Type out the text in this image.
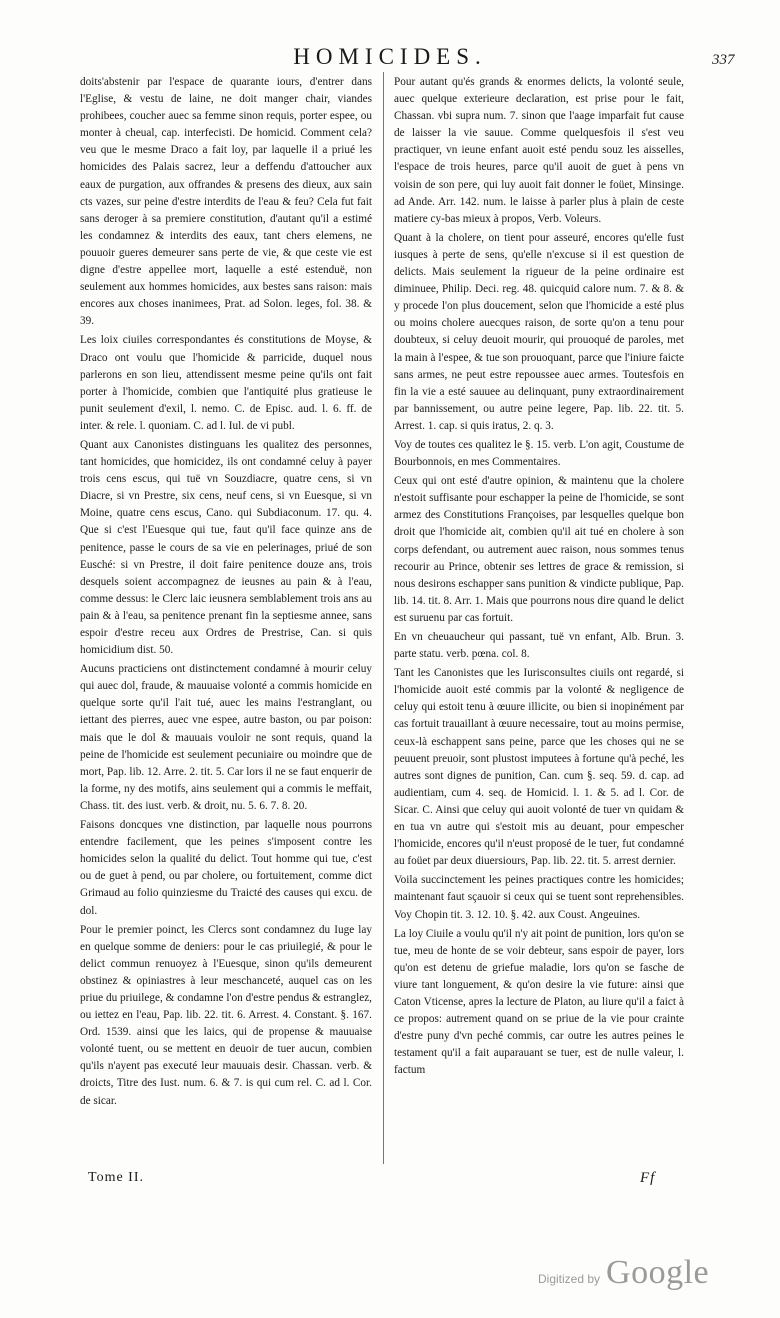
HOMICIDES.	337

doits'abstenir par l'espace de quarante iours, d'entrer dans l'Eglise, & vestu de laine, ne doit manger chair, viandes prohibees, coucher auec sa femme sinon requis, porter espee, ou monter à cheual, cap. interfecisti. De homicid. Comment cela? veu que le mesme Draco a fait loy, par laquelle il a priué les homicides des Palais sacrez, leur a deffendu d'attoucher aux eaux de purgation, aux offrandes & presens des dieux, aux sain cts vazes, sur peine d'estre interdits de l'eau & feu? Cela fut fait sans deroger à sa premiere constitution, d'autant qu'il a estimé les condamnez & interdits des eaux, tant chers elemens, ne pouuoir gueres demeurer sans perte de vie, & que ceste vie est digne d'estre appellee mort, laquelle a esté estenduë, non seulement aux hommes homicides, aux bestes sans raison: mais encores aux choses inanimees, Prat. ad Solon. leges, fol. 38. & 39.

Les loix ciuiles correspondantes és constitutions de Moyse, & Draco ont voulu que l'homicide & parricide, duquel nous parlerons en son lieu, attendissent mesme peine qu'ils ont fait porter à l'homicide, combien que l'antiquité plus gratieuse le punit seulement d'exil, l. nemo. C. de Episc. aud. l. 6. ff. de inter. & rele. l. quoniam. C. ad l. Iul. de vi publ.

Quant aux Canonistes distinguans les qualitez des personnes, tant homicides, que homicidez, ils ont condamné celuy à payer trois cens escus, qui tuë vn Souzdiacre, quatre cens, si vn Diacre, si vn Prestre, six cens, neuf cens, si vn Euesque, si vn Moine, quatre cens escus, Cano. qui Subdiaconum. 17. qu. 4. Que si c'est l'Euesque qui tue, faut qu'il face quinze ans de penitence, passe le cours de sa vie en pelerinages, priué de son Eusché: si vn Prestre, il doit faire penitence douze ans, trois desquels soient accompagnez de ieusnes au pain & à l'eau, comme dessus: le Clerc laic ieusnera semblablement trois ans au pain & à l'eau, sa penitence prenant fin la septiesme annee, sans espoir d'estre receu aux Ordres de Prestrise, Can. si quis homicidium dist. 50.

Aucuns practiciens ont distinctement condamné à mourir celuy qui auec dol, fraude, & mauuaise volonté a commis homicide en quelque sorte qu'il l'ait tué, auec les mains l'estranglant, ou iettant des pierres, auec vne espee, autre baston, ou par poison: mais que le dol & mauuais vouloir ne sont requis, quand la peine de l'homicide est seulement pecuniaire ou moindre que de mort, Pap. lib. 12. Arre. 2. tit. 5. Car lors il ne se faut enquerir de la forme, ny des motifs, ains seulement qui a commis le meffait, Chass. tit. des iust. verb. & droit, nu. 5. 6. 7. 8. 20.

Faisons doncques vne distinction, par laquelle nous pourrons entendre facilement, que les peines s'imposent contre les homicides selon la qualité du delict. Tout homme qui tue, c'est ou de guet à pend, ou par cholere, ou fortuitement, comme dict Grimaud au folio quinziesme du Traicté des causes qui excu. de dol.

Pour le premier poinct, les Clercs sont condamnez du Iuge lay en quelque somme de deniers: pour le cas priuilegié, & pour le delict commun renuoyez à l'Euesque, sinon qu'ils demeurent obstinez & opiniastres à leur meschanceté, auquel cas on les priue du priuilege, & condamne l'on d'estre pendus & estranglez, ou iettez en l'eau, Pap. lib. 22. tit. 6. Arrest. 4. Constant. §. 167. Ord. 1539. ainsi que les laics, qui de propense & mauuaise volonté tuent, ou se mettent en deuoir de tuer aucun, combien qu'ils n'ayent pas executé leur mauuais desir. Chassan. verb. & droicts, Titre des Iust. num. 6. & 7. is qui cum rel. C. ad l. Cor. de sicar.

Pour autant qu'és grands & enormes delicts, la volonté seule, auec quelque exterieure declaration, est prise pour le fait, Chassan. vbi supra num. 7. sinon que l'aage imparfait fut cause de laisser la vie sauue. Comme quelquesfois il s'est veu practiquer, vn ieune enfant auoit esté pendu souz les aisselles, l'espace de trois heures, parce qu'il auoit de guet à pens vn voisin de son pere, qui luy auoit fait donner le foüet, Minsinge. ad Ande. Arr. 142. num. le laisse à parler plus à plain de ceste matiere cy-bas mieux à propos, Verb. Voleurs.

Quant à la cholere, on tient pour asseuré, encores qu'elle fust iusques à perte de sens, qu'elle n'excuse si il est question de delicts. Mais seulement la rigueur de la peine ordinaire est diminuee, Philip. Deci. reg. 48. quicquid calore num. 7. & 8. & y procede l'on plus doucement, selon que l'homicide a esté plus ou moins cholere auecques raison, de sorte qu'on a tenu pour doubteux, si celuy deuoit mourir, qui prouoqué de paroles, met la main à l'espee, & tue son prouoquant, parce que l'iniure faicte sans armes, ne peut estre repoussee auec armes. Toutesfois en fin la vie a esté sauuee au delinquant, puny extraordinairement par bannissement, ou autre peine legere, Pap. lib. 22. tit. 5. Arrest. 1. cap. si quis iratus, 2. q. 3.

Voy de toutes ces qualitez le §. 15. verb. L'on agit, Coustume de Bourbonnois, en mes Commentaires.

Ceux qui ont esté d'autre opinion, & maintenu que la cholere n'estoit suffisante pour eschapper la peine de l'homicide, se sont armez des Constitutions Françoises, par lesquelles quelque bon droit que l'homicide ait, combien qu'il ait tué en cholere à son corps defendant, ou autrement auec raison, nous sommes tenus recourir au Prince, obtenir ses lettres de grace & remission, si nous desirons eschapper sans punition & vindicte publique, Pap. lib. 14. tit. 8. Arr. 1. Mais que pourrons nous dire quand le delict est suruenu par cas fortuit.

En vn cheuaucheur qui passant, tuë vn enfant, Alb. Brun. 3. parte statu. verb. pœna. col. 8.

Tant les Canonistes que les Iurisconsultes ciuils ont regardé, si l'homicide auoit esté commis par la volonté & negligence de celuy qui estoit tenu à œuure illicite, ou bien si inopinément par cas fortuit trauaillant à œuure necessaire, tout au moins permise, ceux-là eschappent sans peine, parce que les choses qui ne se peuuent preuoir, sont plustost imputees à fortune qu'à peché, les autres sont dignes de punition, Can. cum §. seq. 59. d. cap. ad audientiam, cum 4. seq. de Homicid. l. 1. & 5. ad l. Cor. de Sicar. C. Ainsi que celuy qui auoit volonté de tuer vn quidam & en tua vn autre qui s'estoit mis au deuant, pour empescher l'homicide, encores qu'il n'eust proposé de le tuer, fut condamné au foüet par deux diuersiours, Pap. lib. 22. tit. 5. arrest dernier.

Voila succinctement les peines practiques contre les homicides; maintenant faut sçauoir si ceux qui se tuent sont reprehensibles. Voy Chopin tit. 3. 12. 10. §. 42. aux Coust. Angeuines.

La loy Ciuile a voulu qu'il n'y ait point de punition, lors qu'on se tue, meu de honte de se voir debteur, sans espoir de payer, lors qu'on est detenu de griefue maladie, lors qu'on se fasche de viure tant longuement, & qu'on desire la vie future: ainsi que Caton Vticense, apres la lecture de Platon, au liure qu'il a faict à ce propos: autrement quand on se priue de la vie pour crainte d'estre puny d'vn peché commis, car outre les autres peines le testament qu'il a fait auparauant se tuer, est de nulle valeur, l. factum

Tome II.	Ff
Digitized by Google
